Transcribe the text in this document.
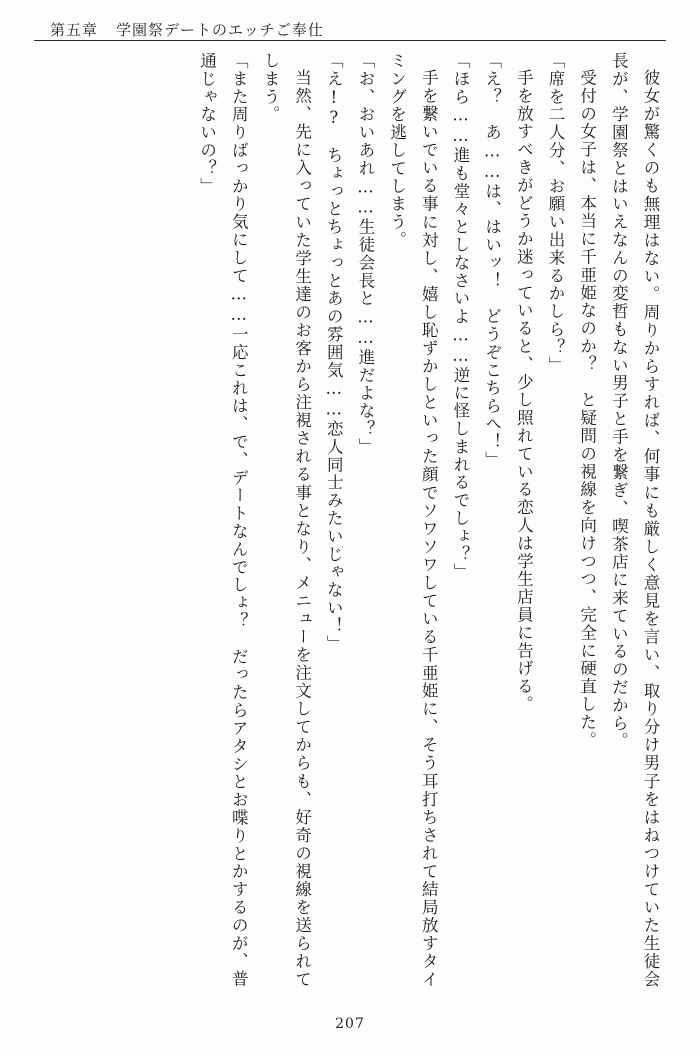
第五章 学園祭デートのエッチご奉仕

彼女が驚くのも無理はない。周りからすれば、何事にも厳しく意見を言い、取り分け男子をはねつけていた生徒会長が、学園祭とはいえなんの変哲もない男子と手を繋ぎ、喫茶店に来ているのだから。

受付の女子は、本当に千亜姫なのか？　と疑問の視線を向けつつ、完全に硬直した。

「席を二人分、お願い出来るかしら？」

手を放すべきがどうか迷っていると、少し照れている恋人は学生店員に告げる。

「え？　あ……は、はいッ！　どうぞこちらへ！」

「ほら……進も堂々としなさいよ……逆に怪しまれるでしょ？」

手を繋いでいる事に対し、嬉し恥ずかしといった顔でソワソワしている千亜姫に、そう耳打ちされて結局放すタイミングを逃してしまう。

「お、おいあれ……生徒会長と……進だよな？」

「え!?　ちょっとちょっとあの雰囲気……恋人同士みたいじゃない！」

当然、先に入っていた学生達のお客から注視される事となり、メニューを注文してからも、好奇の視線を送られてしまう。

「また周りばっかり気にして……一応これは、で、デートなんでしょ？　だったらアタシとお喋りとかするのが、普通じゃないの？」

207
